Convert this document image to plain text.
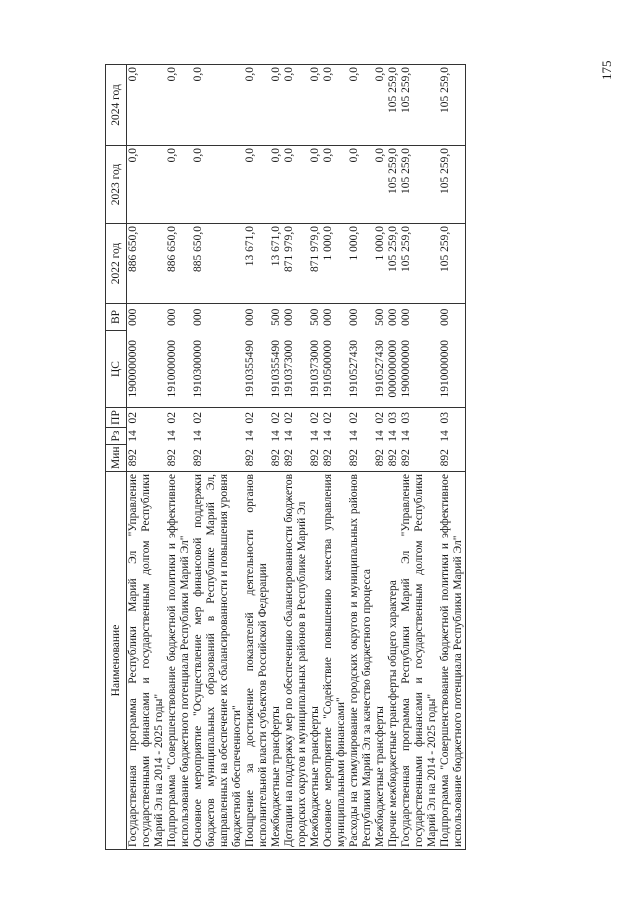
175
Наименование	Мин	Рз	ПР	ЦС	ВР	2022 год	2023 год	2024 год
Государственная программа Республики Марий Эл "Управление государственными финансами и государственным долгом Республики Марий Эл на 2014 - 2025 годы"	892	14	02	1900000000	000	886 650,0	0,0	0,0
Подпрограмма "Совершенствование бюджетной политики и эффективное использование бюджетного потенциала Республики Марий Эл"	892	14	02	1910000000	000	886 650,0	0,0	0,0
Основное мероприятие "Осуществление мер финансовой поддержки бюджетов муниципальных образований в Республике Марий Эл, направленных на обеспечение их сбалансированности и повышения уровня бюджетной обеспеченности"	892	14	02	1910300000	000	885 650,0	0,0	0,0
Поощрение за достижение показателей деятельности органов исполнительной власти субъектов Российской Федерации	892	14	02	1910355490	000	13 671,0	0,0	0,0
Межбюджетные трансферты	892	14	02	1910355490	500	13 671,0	0,0	0,0
Дотации на поддержку мер по обеспечению сбалансированности бюджетов городских округов и муниципальных районов в Республике Марий Эл	892	14	02	1910373000	000	871 979,0	0,0	0,0
Межбюджетные трансферты	892	14	02	1910373000	500	871 979,0	0,0	0,0
Основное мероприятие "Содействие повышению качества управления муниципальными финансами"	892	14	02	1910500000	000	1 000,0	0,0	0,0
Расходы на стимулирование городских округов и муниципальных районов Республики Марий Эл за качество бюджетного процесса	892	14	02	1910527430	000	1 000,0	0,0	0,0
Межбюджетные трансферты	892	14	02	1910527430	500	1 000,0	0,0	0,0
Прочие межбюджетные трансферты общего характера	892	14	03	0000000000	000	105 259,0	105 259,0	105 259,0
Государственная программа Республики Марий Эл "Управление государственными финансами и государственным долгом Республики Марий Эл на 2014 - 2025 годы"	892	14	03	1900000000	000	105 259,0	105 259,0	105 259,0
Подпрограмма "Совершенствование бюджетной политики и эффективное использование бюджетного потенциала Республики Марий Эл"	892	14	03	1910000000	000	105 259,0	105 259,0	105 259,0
